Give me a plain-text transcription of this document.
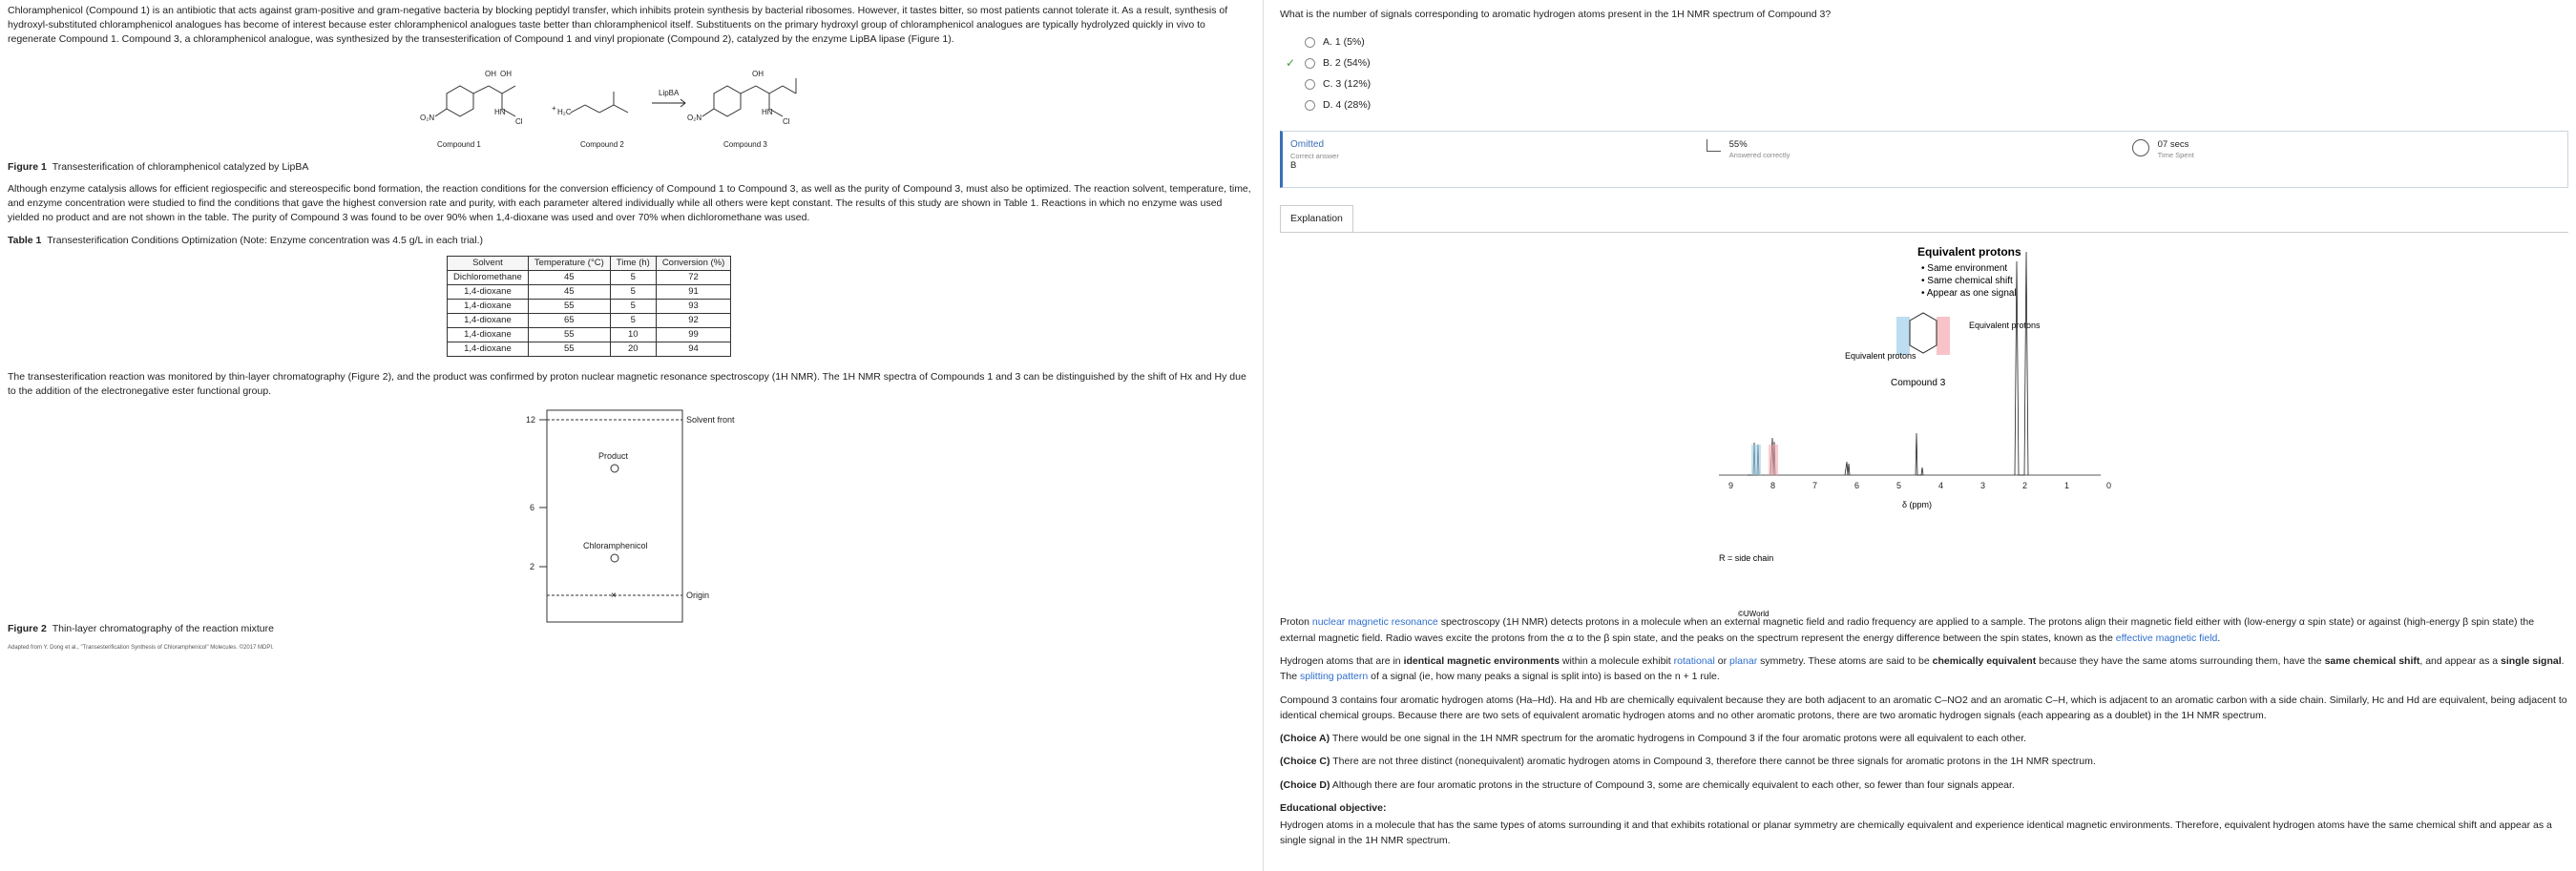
Chloramphenicol (Compound 1) is an antibiotic that acts against gram-positive and gram-negative bacteria by blocking peptidyl transfer, which inhibits protein synthesis by bacterial ribosomes. However, it tastes bitter, so most patients cannot tolerate it. As a result, synthesis of hydroxyl-substituted chloramphenicol analogues has become of interest because ester chloramphenicol analogues taste better than chloramphenicol itself. Substituents on the primary hydroxyl group of chloramphenicol analogues are typically hydrolyzed quickly in vivo to regenerate Compound 1. Compound 3, a chloramphenicol analogue, was synthesized by the transesterification of Compound 1 and vinyl propionate (Compound 2), catalyzed by the enzyme LipBA lipase (Figure 1).

O₂N
OH OH
HN
Cl
+ H₂C
O₂N
OH
HN
Cl
LipBA
Compound 1	Compound 2	Compound 3

Figure 1 Transesterification of chloramphenicol catalyzed by LipBA

Although enzyme catalysis allows for efficient regiospecific and stereospecific bond formation, the reaction conditions for the conversion efficiency of Compound 1 to Compound 3, as well as the purity of Compound 3, must also be optimized. The reaction solvent, temperature, time, and enzyme concentration were studied to find the conditions that gave the highest conversion rate and purity, with each parameter altered individually while all others were kept constant. The results of this study are shown in Table 1. Reactions in which no enzyme was used yielded no product and are not shown in the table. The purity of Compound 3 was found to be over 90% when 1,4-dioxane was used and over 70% when dichloromethane was used.

Table 1 Transesterification Conditions Optimization (Note: Enzyme concentration was 4.5 g/L in each trial.)

Solvent	Temperature (°C)	Time (h)	Conversion (%)
Dichloromethane	45	5	72
1,4-dioxane	45	5	91
1,4-dioxane	55	5	93
1,4-dioxane	65	5	92
1,4-dioxane	55	10	99
1,4-dioxane	55	20	94

The transesterification reaction was monitored by thin-layer chromatography (Figure 2), and the product was confirmed by proton nuclear magnetic resonance spectroscopy (1H NMR). The 1H NMR spectra of Compounds 1 and 3 can be distinguished by the shift of Hx and Hy due to the addition of the electronegative ester functional group.

12
6
2
Solvent front
Origin
Product
Chloramphenicol
×

Figure 2 Thin-layer chromatography of the reaction mixture

Adapted from Y. Dong et al., "Transesterification Synthesis of Chloramphenicol" Molecules. ©2017 MDPI.

What is the number of signals corresponding to aromatic hydrogen atoms present in the 1H NMR spectrum of Compound 3?

A. 1 (5%)
✓	B. 2 (54%)
C. 3 (12%)
D. 4 (28%)
Omitted
Correct answer
B

55%
Answered correctly

07 secs
Time Spent
Explanation
Equivalent protons
• Same environment
• Same chemical shift
• Appear as one signal
Equivalent protons
Equivalent protons
Compound 3
9	8	7	6	5	4	3	2	1	0
δ (ppm)
R = side chain
©UWorld

Proton nuclear magnetic resonance spectroscopy (1H NMR) detects protons in a molecule when an external magnetic field and radio frequency are applied to a sample. The protons align their magnetic field either with (low-energy α spin state) or against (high-energy β spin state) the external magnetic field. Radio waves excite the protons from the α to the β spin state, and the peaks on the spectrum represent the energy difference between the spin states, known as the effective magnetic field.

Hydrogen atoms that are in identical magnetic environments within a molecule exhibit rotational or planar symmetry. These atoms are said to be chemically equivalent because they have the same atoms surrounding them, have the same chemical shift, and appear as a single signal. The splitting pattern of a signal (ie, how many peaks a signal is split into) is based on the n + 1 rule.

Compound 3 contains four aromatic hydrogen atoms (Ha–Hd). Ha and Hb are chemically equivalent because they are both adjacent to an aromatic C–NO2 and an aromatic C–H, which is adjacent to an aromatic carbon with a side chain. Similarly, Hc and Hd are equivalent, being adjacent to identical chemical groups. Because there are two sets of equivalent aromatic hydrogen atoms and no other aromatic protons, there are two aromatic hydrogen signals (each appearing as a doublet) in the 1H NMR spectrum.

(Choice A) There would be one signal in the 1H NMR spectrum for the aromatic hydrogens in Compound 3 if the four aromatic protons were all equivalent to each other.

(Choice C) There are not three distinct (nonequivalent) aromatic hydrogen atoms in Compound 3, therefore there cannot be three signals for aromatic protons in the 1H NMR spectrum.

(Choice D) Although there are four aromatic protons in the structure of Compound 3, some are chemically equivalent to each other, so fewer than four signals appear.

Educational objective:

Hydrogen atoms in a molecule that has the same types of atoms surrounding it and that exhibits rotational or planar symmetry are chemically equivalent and experience identical magnetic environments. Therefore, equivalent hydrogen atoms have the same chemical shift and appear as a single signal in the 1H NMR spectrum.
